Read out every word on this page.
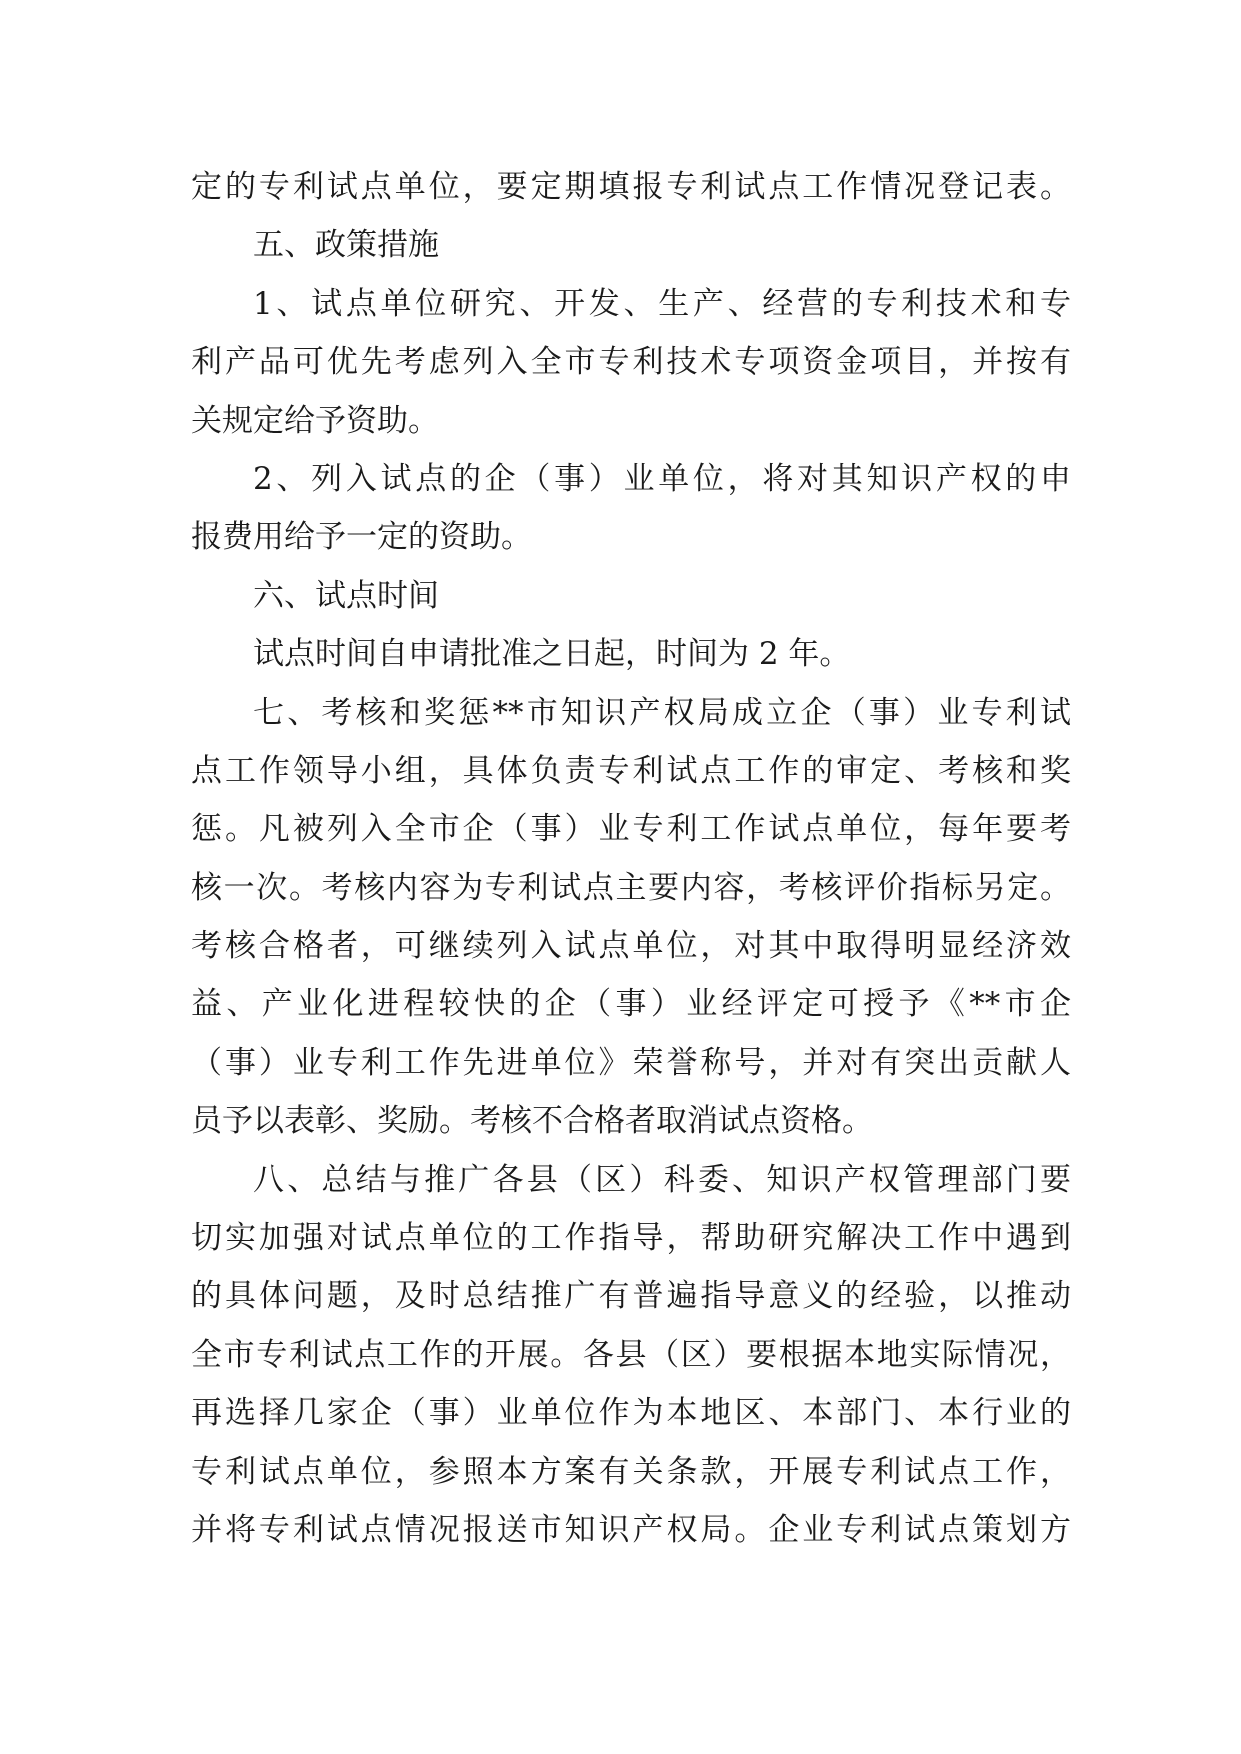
定的专利试点单位，要定期填报专利试点工作情况登记表。
五、政策措施
1、试点单位研究、开发、生产、经营的专利技术和专
利产品可优先考虑列入全市专利技术专项资金项目，并按有
关规定给予资助。
2、列入试点的企（事）业单位，将对其知识产权的申
报费用给予一定的资助。
六、试点时间
试点时间自申请批准之日起，时间为 2 年。
七、考核和奖惩**市知识产权局成立企（事）业专利试
点工作领导小组，具体负责专利试点工作的审定、考核和奖
惩。凡被列入全市企（事）业专利工作试点单位，每年要考
核一次。考核内容为专利试点主要内容，考核评价指标另定。
考核合格者，可继续列入试点单位，对其中取得明显经济效
益、产业化进程较快的企（事）业经评定可授予《**市企
（事）业专利工作先进单位》荣誉称号，并对有突出贡献人
员予以表彰、奖励。考核不合格者取消试点资格。
八、总结与推广各县（区）科委、知识产权管理部门要
切实加强对试点单位的工作指导，帮助研究解决工作中遇到
的具体问题，及时总结推广有普遍指导意义的经验，以推动
全市专利试点工作的开展。各县（区）要根据本地实际情况，
再选择几家企（事）业单位作为本地区、本部门、本行业的
专利试点单位，参照本方案有关条款，开展专利试点工作，
并将专利试点情况报送市知识产权局。企业专利试点策划方
